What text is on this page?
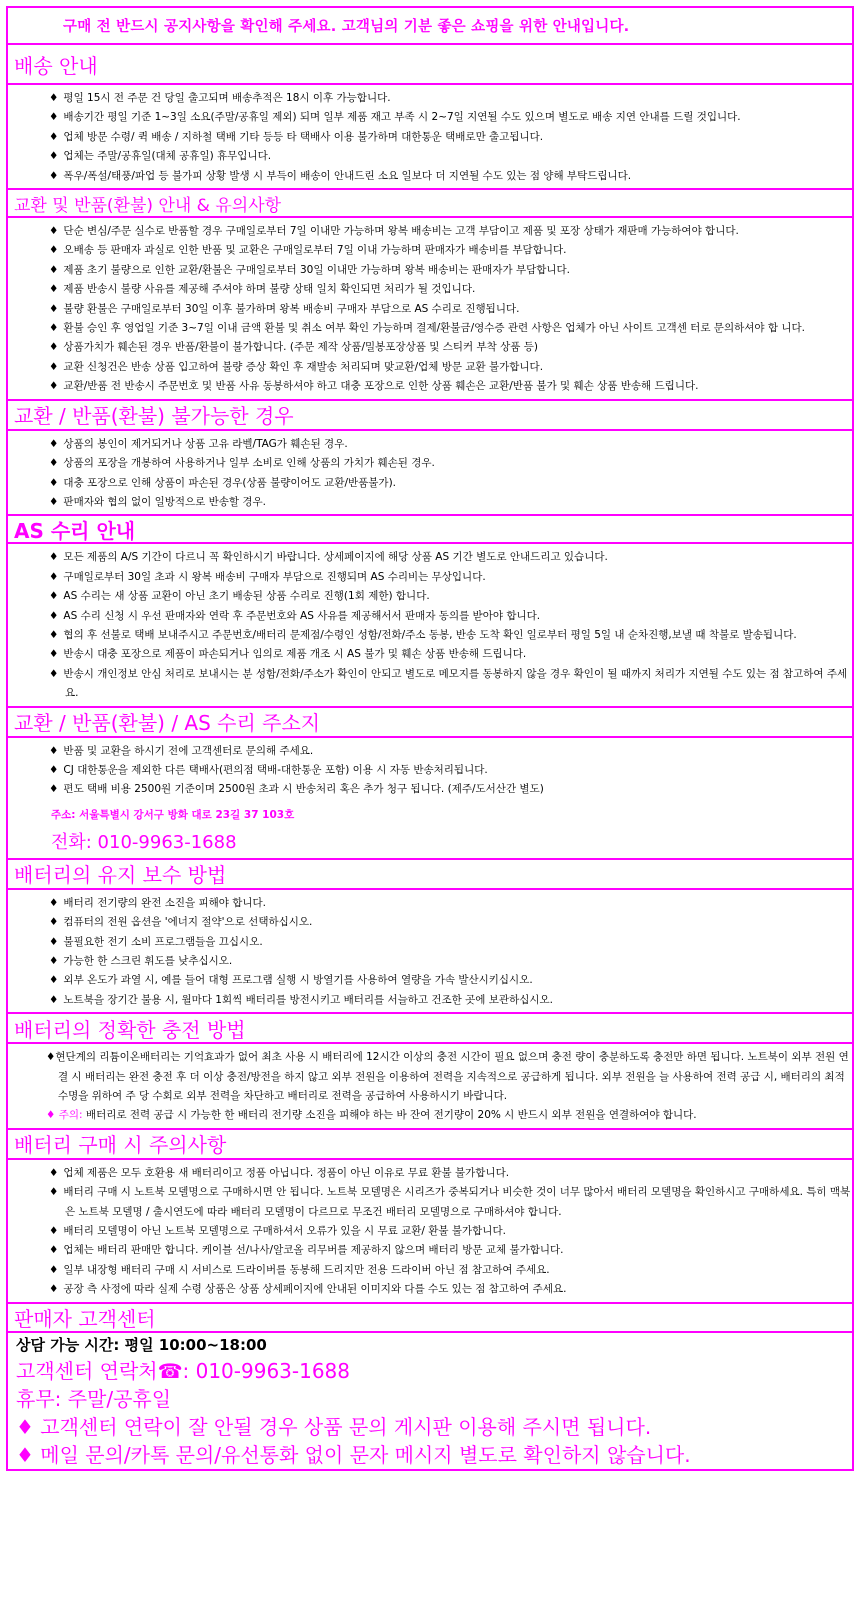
구매 전 반드시 공지사항을 확인해 주세요. 고객님의 기분 좋은 쇼핑을 위한 안내입니다.
배송 안내
♦ 평일 15시 전 주문 건 당일 출고되며 배송추적은 18시 이후 가능합니다.
♦ 배송기간 평일 기준 1~3일 소요(주말/공휴일 제외) 되며 일부 제품 재고 부족 시 2~7일 지연될 수도 있으며 별도로 배송 지연 안내를 드릴 것입니다.
♦ 업체 방문 수령/ 퀵 배송 / 지하철 택배 기타 등등 타 택배사 이용 불가하며 대한통운 택배로만 출고됩니다.
♦ 업체는 주말/공휴일(대체 공휴일) 휴무입니다.
♦ 폭우/폭설/태풍/파업 등 불가피 상황 발생 시 부득이 배송이 안내드린 소요 일보다 더 지연될 수도 있는 점 양해 부탁드립니다.
교환 및 반품(환불) 안내 & 유의사항
♦ 단순 변심/주문 실수로 반품할 경우 구매일로부터 7일 이내만 가능하며 왕복 배송비는 고객 부담이고 제품 및 포장 상태가 재판매 가능하여야 합니다.
♦ 오배송 등 판매자 과실로 인한 반품 및 교환은 구매일로부터 7일 이내 가능하며 판매자가 배송비를 부담합니다.
♦ 제품 초기 불량으로 인한 교환/환불은 구매일로부터 30일 이내만 가능하며 왕복 배송비는 판매자가 부담합니다.
♦ 제품 반송시 불량 사유를 제공해 주셔야 하며 불량 상태 일치 확인되면 처리가 될 것입니다.
♦ 불량 환불은 구매일로부터 30일 이후 불가하며 왕복 배송비 구매자 부담으로 AS 수리로 진행됩니다.
♦ 환불 승인 후 영업일 기준 3~7일 이내 금액 환불 및 취소 여부 확인 가능하며 결제/환불금/영수증 관련 사항은 업체가 아닌 사이트 고객센 터로 문의하셔야 합 니다.
♦ 상품가치가 훼손된 경우 반품/환불이 불가합니다. (주문 제작 상품/밀봉포장상품 및 스티커 부착 상품 등)
♦ 교환 신청건은 반송 상품 입고하여 불량 증상 확인 후 재발송 처리되며 맞교환/업체 방문 교환 불가합니다.
♦ 교환/반품 전 반송시 주문번호 및 반품 사유 동봉하셔야 하고 대충 포장으로 인한 상품 훼손은 교환/반품 불가 및 훼손 상품 반송해 드립니다.
교환 / 반품(환불) 불가능한 경우
♦ 상품의 봉인이 제거되거나 상품 고유 라벨/TAG가 훼손된 경우.
♦ 상품의 포장을 개봉하여 사용하거나 일부 소비로 인해 상품의 가치가 훼손된 경우.
♦ 대충 포장으로 인해 상품이 파손된 경우(상품 불량이어도 교환/반품불가).
♦ 판매자와 협의 없이 일방적으로 반송할 경우.
AS 수리 안내
♦ 모든 제품의 A/S 기간이 다르니 꼭 확인하시기 바랍니다. 상세페이지에 해당 상품 AS 기간 별도로 안내드리고 있습니다.
♦ 구매일로부터 30일 초과 시 왕복 배송비 구매자 부담으로 진행되며 AS 수리비는 무상입니다.
♦ AS 수리는 새 상품 교환이 아닌 초기 배송된 상품 수리로 진행(1회 제한) 합니다.
♦ AS 수리 신청 시 우선 판매자와 연락 후 주문번호와 AS 사유를 제공해서서 판매자 동의를 받아야 합니다.
♦ 협의 후 선불로 택배 보내주시고 주문번호/배터리 문제점/수령인 성함/전화/주소 동봉, 반송 도착 확인 일로부터 평일 5일 내 순차진행,보낼 때 착불로 발송됩니다.
♦ 반송시 대충 포장으로 제품이 파손되거나 임의로 제품 개조 시 AS 불가 및 훼손 상품 반송해 드립니다.
♦ 반송시 개인정보 안심 처리로 보내시는 분 성함/전화/주소가 확인이 안되고 별도로 메모지를 동봉하지 않을 경우 확인이 될 때까지 처리가 지연될 수도 있는 점 참고하여 주세요.
교환 / 반품(환불) / AS 수리 주소지
♦ 반품 및 교환을 하시기 전에 고객센터로 문의해 주세요.
♦ CJ 대한통운을 제외한 다른 택배사(편의점 택배-대한통운 포함) 이용 시 자동 반송처리됩니다.
♦ 편도 택배 비용 2500원 기준이며 2500원 초과 시 반송처리 혹은 추가 청구 됩니다. (제주/도서산간 별도)
주소: 서울특별시 강서구 방화 대로 23길 37 103호
전화: 010-9963-1688
배터리의 유지 보수 방법
♦ 배터리 전기량의 완전 소진을 피해야 합니다.
♦ 컴퓨터의 전원 옵션을 '에너지 절약'으로 선택하십시오.
♦ 불필요한 전기 소비 프로그램들을 끄십시오.
♦ 가능한 한 스크린 휘도를 낮추십시오.
♦ 외부 온도가 과열 시, 예를 들어 대형 프로그램 실행 시 방열기를 사용하여 열량을 가속 발산시키십시오.
♦ 노트북을 장기간 불용 시, 월마다 1회씩 배터리를 방전시키고 배터리를 서늘하고 건조한 곳에 보관하십시오.
배터리의 정확한 충전 방법

♦현단계의 리튬이온배터리는 기억효과가 없어 최초 사용 시 배터리에 12시간 이상의 충전 시간이 필요 없으며 충전 량이 충분하도록 충전만 하면 됩니다. 노트북이 외부 전원 연결 시 배터리는 완전 충전 후 더 이상 충전/방전을 하지 않고 외부 전원을 이용하여 전력을 지속적으로 공급하게 됩니다. 외부 전원을 늘 사용하여 전력 공급 시, 배터리의 최적 수명을 위하여 주 당 수회로 외부 전력을 차단하고 배터리로 전력을 공급하여 사용하시기 바랍니다.

♦ 주의: 배터리로 전력 공급 시 가능한 한 배터리 전기량 소진을 피해야 하는 바 잔여 전기량이 20% 시 반드시 외부 전원을 연결하여야 합니다.

배터리 구매 시 주의사항
♦ 업체 제품은 모두 호환용 새 배터리이고 정품 아닙니다. 정품이 아닌 이유로 무료 환불 불가합니다.
♦ 배터리 구매 시 노트북 모델명으로 구매하시면 안 됩니다. 노트북 모델명은 시리즈가 중복되거나 비슷한 것이 너무 많아서 배터리 모델명을 확인하시고 구매하세요. 특히 맥북은 노트북 모델명 / 출시연도에 따라 배터리 모델명이 다르므로 무조건 배터리 모델명으로 구매하셔야 합니다.
♦ 배터리 모델명이 아닌 노트북 모델명으로 구매하셔서 오류가 있을 시 무료 교환/ 환불 불가합니다.
♦ 업체는 배터리 판매만 합니다. 케이블 선/나사/알코올 리무버를 제공하지 않으며 배터리 방문 교체 불가합니다.
♦ 일부 내장형 배터리 구매 시 서비스로 드라이버를 동봉해 드리지만 전용 드라이버 아닌 점 참고하여 주세요.
♦ 공장 측 사정에 따라 실제 수령 상품은 상품 상세페이지에 안내된 이미지와 다를 수도 있는 점 참고하여 주세요.
판매자 고객센터
상담 가능 시간: 평일 10:00~18:00
고객센터 연락처☎: 010-9963-1688
휴무: 주말/공휴일
♦ 고객센터 연락이 잘 안될 경우 상품 문의 게시판 이용해 주시면 됩니다.
♦ 메일 문의/카톡 문의/유선통화 없이 문자 메시지 별도로 확인하지 않습니다.
